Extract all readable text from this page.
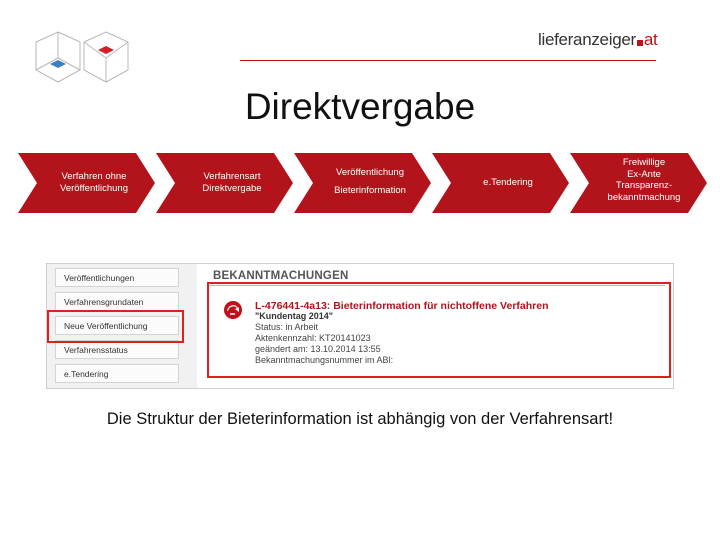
lieferanzeiger at
Direktvergabe
Verfahren ohne
Veröffentlichung
Verfahrensart
Direktvergabe
Veröffentlichung
Bieterinformation
e.Tendering
Freiwillige
Ex-Ante
Transparenz-
bekanntmachung
Veröffentlichungen
Verfahrensgrundaten
Neue Veröffentlichung
Verfahrensstatus
e.Tendering
BEKANNTMACHUNGEN
L-476441-4a13: Bieterinformation für nichtoffene Verfahren
"Kundentag 2014"
Status: in Arbeit
Aktenkennzahl: KT20141023
geändert am: 13.10.2014 13:55
Bekanntmachungsnummer im ABl:
Die Struktur der Bieterinformation ist abhängig von der Verfahrensart!
